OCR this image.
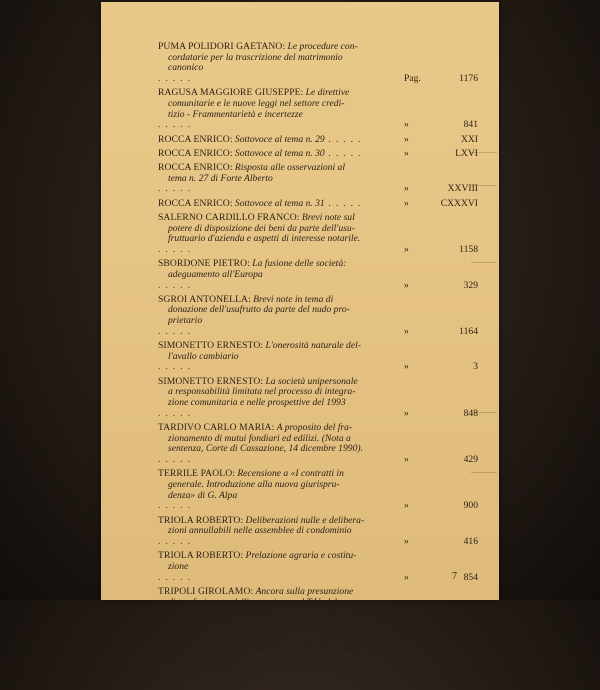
PUMA POLIDORI GAETANO: Le procedure con-
cordatarie per la trascrizione del matrimonio
canonico
. . . . .	Pag.	1176
RAGUSA MAGGIORE GIUSEPPE: Le direttive
comunitarie e le nuove leggi nel settore credi-
tizio - Frammentarietà e incertezze
. . . . .	»	841
ROCCA ENRICO: Sottovoce al tema n. 29 . . . . .	»	XXI
ROCCA ENRICO: Sottovoce al tema n. 30 . . . . .	»	LXVI
ROCCA ENRICO: Risposta alle osservazioni al
tema n. 27 di Forte Alberto
. . . . .	»	XXVIII
ROCCA ENRICO: Sottovoce al tema n. 31 . . . . .	»	CXXXVI
SALERNO CARDILLO FRANCO: Brevi note sul
potere di disposizione dei beni da parte dell'usu-
fruttuario d'azienda e aspetti di interesse notarile.
. . . . .	»	1158
SBORDONE PIETRO: La fusione delle società:
adeguamento all'Europa
. . . . .	»	329
SGROI ANTONELLA: Brevi note in tema di
donazione dell'usufrutto da parte del nudo pro-
prietario
. . . . .	»	1164
SIMONETTO ERNESTO: L'onerosità naturale del-
l'avallo cambiario
. . . . .	»	3
SIMONETTO ERNESTO: La società unipersonale
a responsabilità limitata nel processo di integra-
zione comunitaria e nelle prospettive del 1993
. . . . .	»	848
TARDIVO CARLO MARIA: A proposito del fra-
zionamento di mutui fondiari ed edilizi. (Nota a
sentenza, Corte di Cassazione, 14 dicembre 1990).
. . . . .	»	429
TERRILE PAOLO: Recensione a «I contratti in
generale. Introduzione alla nuova giurispru-
denza» di G. Alpa
. . . . .	»	900
TRIOLA ROBERTO: Deliberazioni nulle e delibera-
zioni annullabili nelle assemblee di condominio
. . . . .	»	416
TRIOLA ROBERTO: Prelazione agraria e costitu-
zione
. . . . .	»	854
TRIPOLI GIROLAMO: Ancora sulla presunzione
di trasferimento dell'accessione nel T.U. del-
l'imposta di registro. (Nota a sentenza, Cass.,
Sez. Civ. I, 7 maggio 1991, n. 5026)
. . . . .	»	882
TROJANI PIER LUCA: Rapporto esistente tra am-
ministrazione dell'esecutore testamentario e cu-
ratela dell'eredità giacente
. . . . .	»	367
7
